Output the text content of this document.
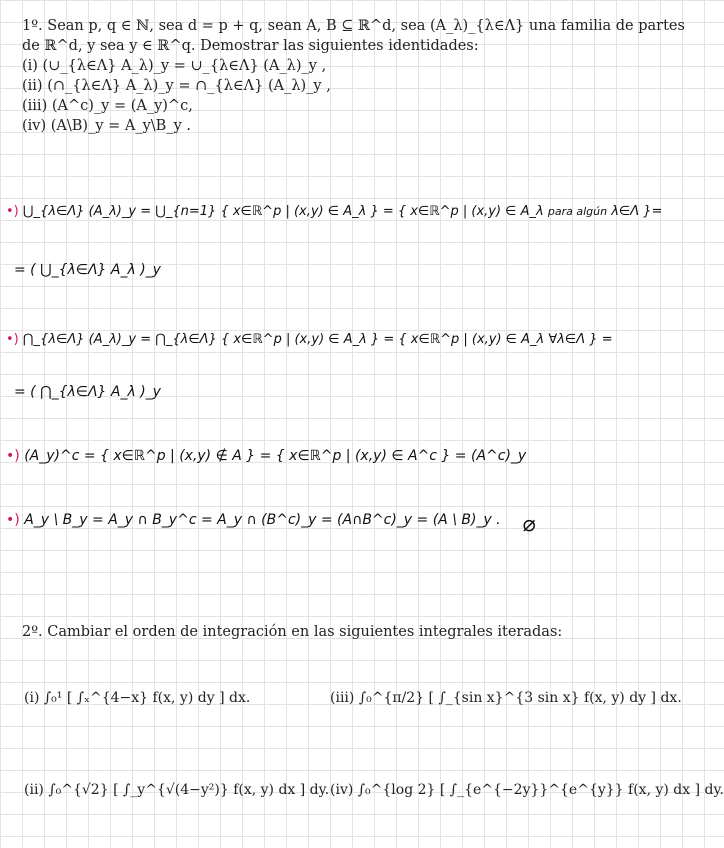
1º. Sean p, q ∈ ℕ, sea d = p + q, sean A, B ⊆ ℝ^d, sea (A_λ)_{λ∈Λ} una familia de partes
de ℝ^d, y sea y ∈ ℝ^q. Demostrar las siguientes identidades:
(i) (∪_{λ∈Λ} A_λ)_y = ∪_{λ∈Λ} (A_λ)_y ,
(ii) (∩_{λ∈Λ} A_λ)_y = ∩_{λ∈Λ} (A_λ)_y ,
(iii) (A^c)_y = (A_y)^c,
(iv) (A\B)_y = A_y\B_y .
•) ⋃_{λ∈Λ} (A_λ)_y = ⋃_{n=1} { x∈ℝ^p | (x,y) ∈ A_λ } = { x∈ℝ^p | (x,y) ∈ A_λ para algún λ∈Λ }=
= ( ⋃_{λ∈Λ} A_λ )_y
•) ⋂_{λ∈Λ} (A_λ)_y = ⋂_{λ∈Λ} { x∈ℝ^p | (x,y) ∈ A_λ } = { x∈ℝ^p | (x,y) ∈ A_λ ∀λ∈Λ } =
= ( ⋂_{λ∈Λ} A_λ )_y
•) (A_y)^c = { x∈ℝ^p | (x,y) ∉ A } = { x∈ℝ^p | (x,y) ∈ A^c } = (A^c)_y
•) A_y \ B_y = A_y ∩ B_y^c = A_y ∩ (B^c)_y = (A∩B^c)_y = (A \ B)_y . ⌀
2º. Cambiar el orden de integración en las siguientes integrales iteradas:
(i) ∫₀¹ [ ∫ₓ^{4−x} f(x, y) dy ] dx.	(iii) ∫₀^{π/2} [ ∫_{sin x}^{3 sin x} f(x, y) dy ] dx.
(ii) ∫₀^{√2} [ ∫_y^{√(4−y²)} f(x, y) dx ] dy. (iv) ∫₀^{log 2} [ ∫_{e^{−2y}}^{e^{y}} f(x, y) dx ] dy.
